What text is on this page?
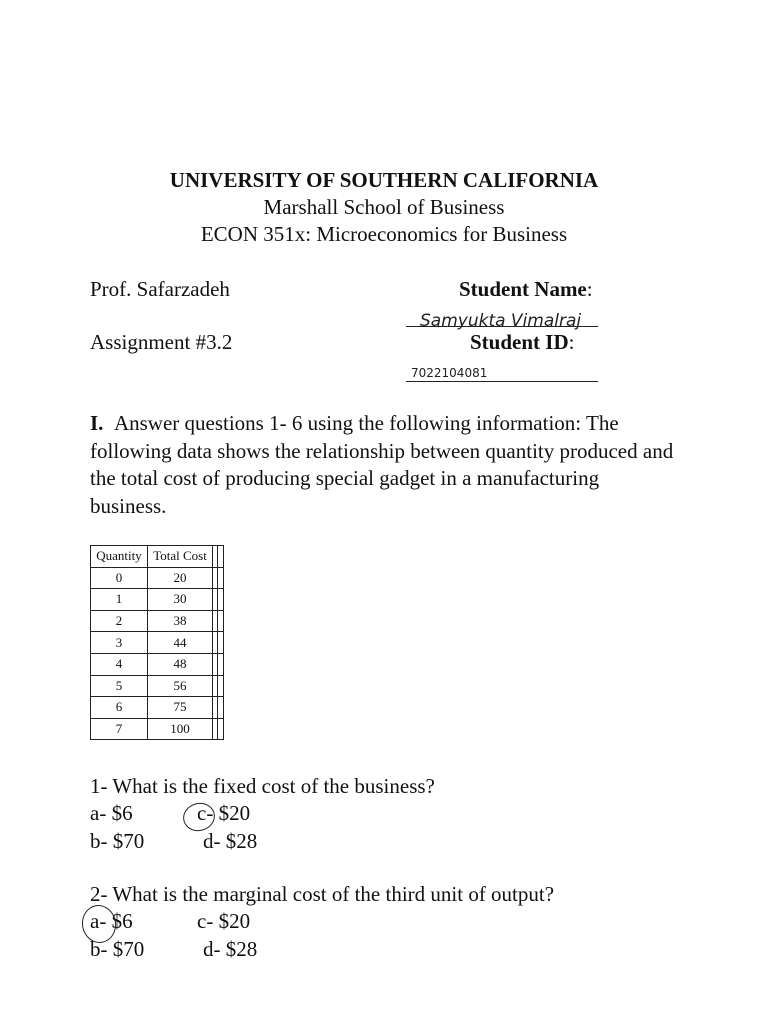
UNIVERSITY OF SOUTHERN CALIFORNIA
Marshall School of Business
ECON 351x: Microeconomics for Business
Prof. Safarzadeh	Student Name:
Samyukta Vimalraj
Assignment #3.2	Student ID:
7022104081
I. Answer questions 1- 6 using the following information: The following data shows the relationship between quantity produced and the total cost of producing special gadget in a manufacturing business.
Quantity	Total Cost		
0	20		
1	30		
2	38		
3	44		
4	48		
5	56		
6	75		
7	100		
1- What is the fixed cost of the business?
a- $6	c- $20
b- $70	d- $28
2- What is the marginal cost of the third unit of output?
a- $6	c- $20
b- $70	d- $28
